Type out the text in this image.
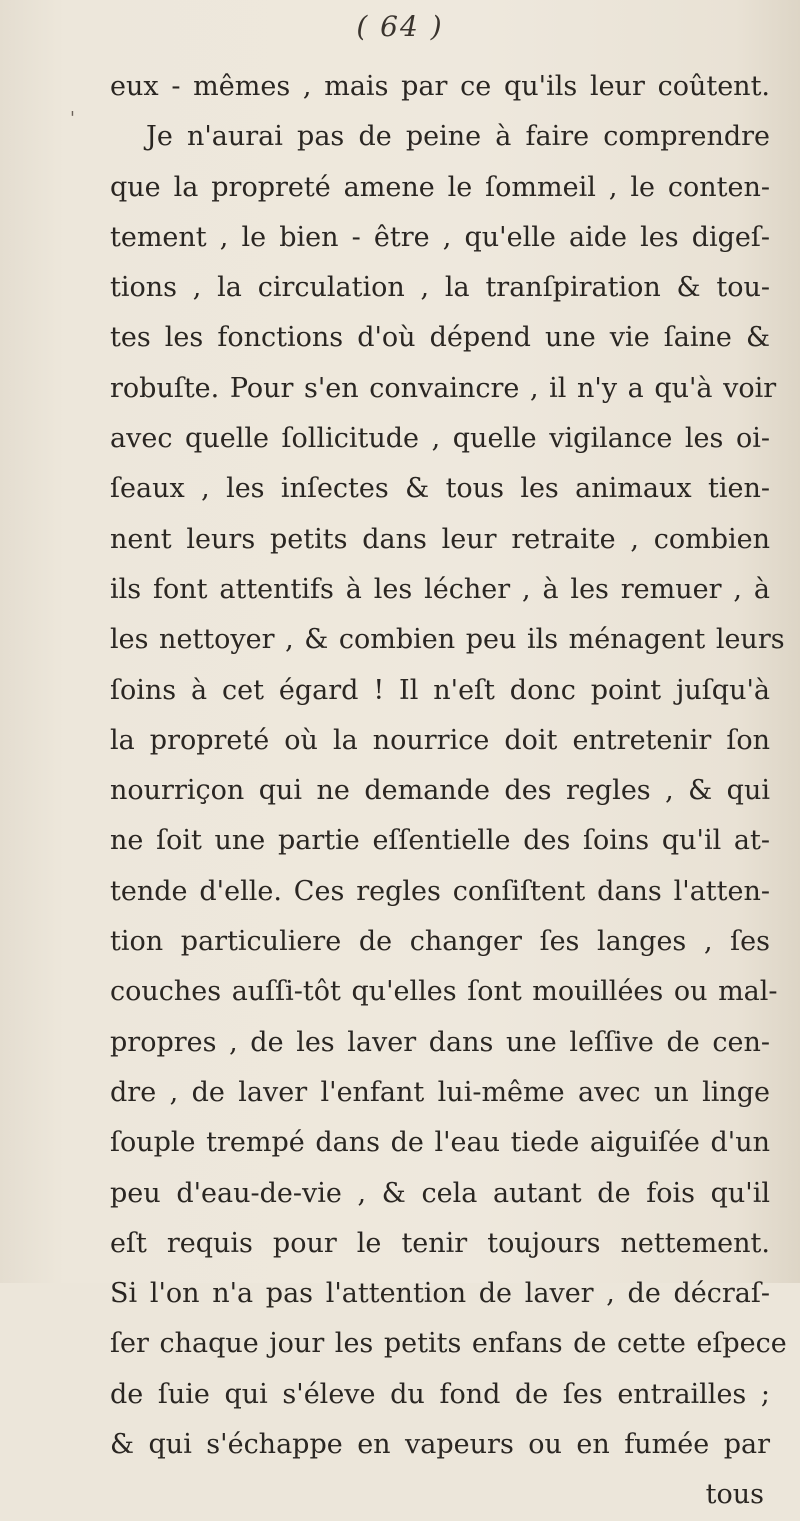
( 64 )
'
eux - mêmes , mais par ce qu'ils leur coûtent.
Je n'aurai pas de peine à faire comprendre
que la propreté amene le ſommeil , le conten-
tement , le bien - être , qu'elle aide les digeſ-
tions , la circulation , la tranſpiration & tou-
tes les fonctions d'où dépend une vie ſaine &
robuſte. Pour s'en convaincre , il n'y a qu'à voir
avec quelle ſollicitude , quelle vigilance les oi-
ſeaux , les inſectes & tous les animaux tien-
nent leurs petits dans leur retraite , combien
ils font attentifs à les lécher , à les remuer , à
les nettoyer , & combien peu ils ménagent leurs
ſoins à cet égard ! Il n'eſt donc point juſqu'à
la propreté où la nourrice doit entretenir ſon
nourriçon qui ne demande des regles , & qui
ne ſoit une partie eſſentielle des ſoins qu'il at-
tende d'elle. Ces regles conſiſtent dans l'atten-
tion particuliere de changer ſes langes , ſes
couches auſſi-tôt qu'elles ſont mouillées ou mal-
propres , de les laver dans une leſſive de cen-
dre , de laver l'enfant lui-même avec un linge
ſouple trempé dans de l'eau tiede aiguiſée d'un
peu d'eau-de-vie , & cela autant de fois qu'il
eſt requis pour le tenir toujours nettement.
Si l'on n'a pas l'attention de laver , de décraſ-
ſer chaque jour les petits enfans de cette eſpece
de ſuie qui s'éleve du fond de ſes entrailles ;
& qui s'échappe en vapeurs ou en fumée par
tous
